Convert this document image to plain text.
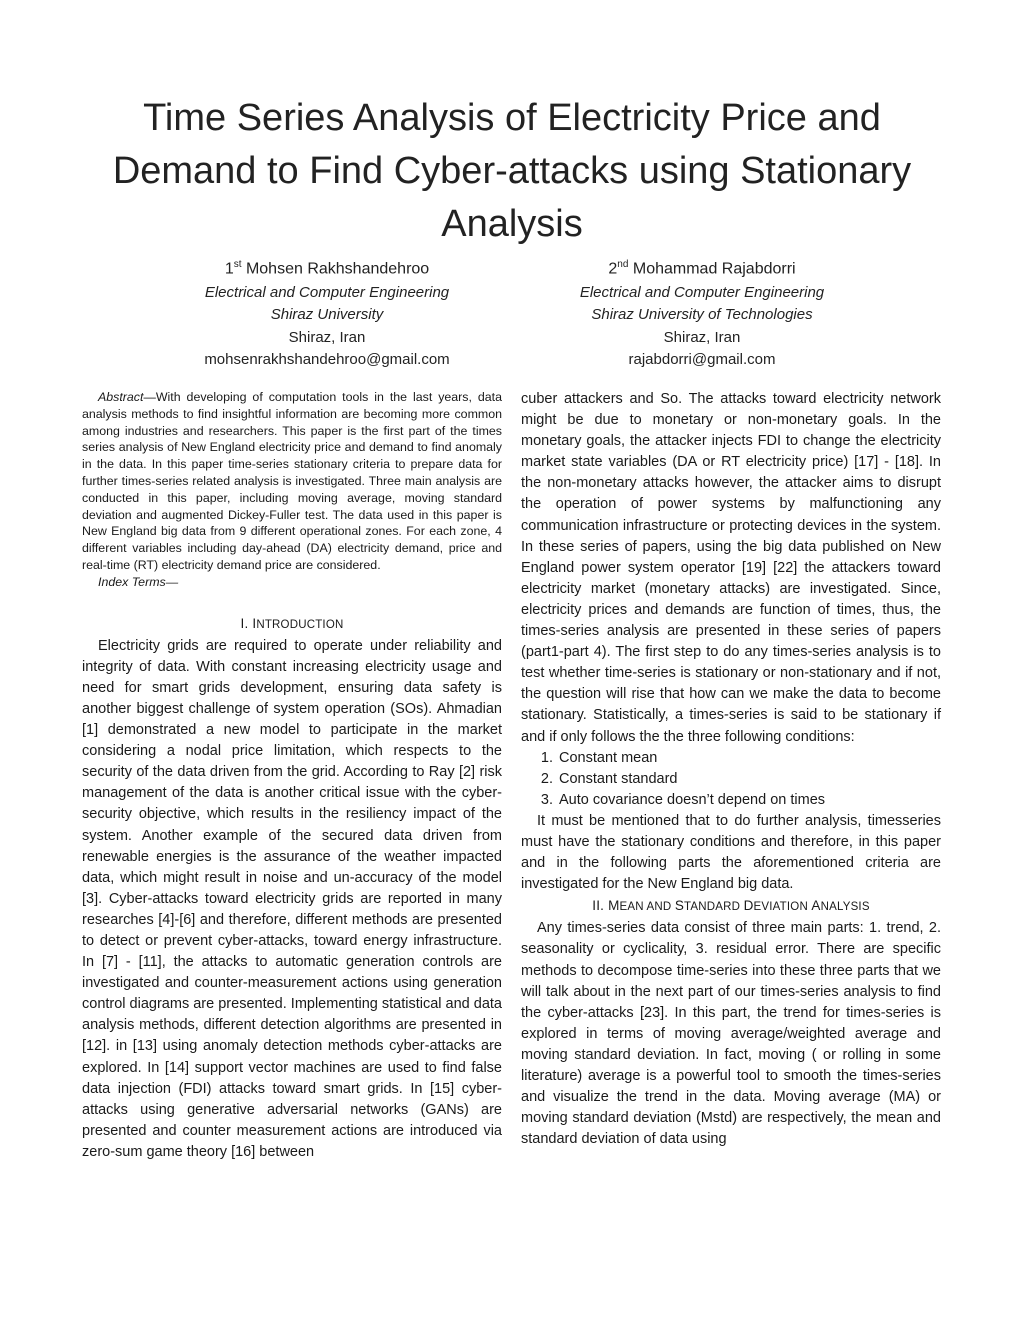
Time Series Analysis of Electricity Price and Demand to Find Cyber-attacks using Stationary Analysis
1st Mohsen Rakhshandehroo
Electrical and Computer Engineering
Shiraz University
Shiraz, Iran
mohsenrakhshandehroo@gmail.com
2nd Mohammad Rajabdorri
Electrical and Computer Engineering
Shiraz University of Technologies
Shiraz, Iran
rajabdorri@gmail.com

Abstract—With developing of computation tools in the last years, data analysis methods to find insightful information are becoming more common among industries and researchers. This paper is the first part of the times series analysis of New England electricity price and demand to find anomaly in the data. In this paper time-series stationary criteria to prepare data for further times-series related analysis is investigated. Three main analysis are conducted in this paper, including moving average, moving standard deviation and augmented Dickey-Fuller test. The data used in this paper is New England big data from 9 different operational zones. For each zone, 4 different variables including day-ahead (DA) electricity demand, price and real-time (RT) electricity demand price are considered.

Index Terms—

I. INTRODUCTION

Electricity grids are required to operate under reliability and integrity of data. With constant increasing electricity usage and need for smart grids development, ensuring data safety is another biggest challenge of system operation (SOs). Ahmadian [1] demonstrated a new model to participate in the market considering a nodal price limitation, which respects to the security of the data driven from the grid. According to Ray [2] risk management of the data is another critical issue with the cyber-security objective, which results in the resiliency impact of the system. Another example of the secured data driven from renewable energies is the assurance of the weather impacted data, which might result in noise and un-accuracy of the model [3]. Cyber-attacks toward electricity grids are reported in many researches [4]-[6] and therefore, different methods are presented to detect or prevent cyber-attacks, toward energy infrastructure. In [7] - [11], the attacks to automatic generation controls are investigated and counter-measurement actions using generation control diagrams are presented. Implementing statistical and data analysis methods, different detection algorithms are presented in [12]. in [13] using anomaly detection methods cyber-attacks are explored. In [14] support vector machines are used to find false data injection (FDI) attacks toward smart grids. In [15] cyber-attacks using generative adversarial networks (GANs) are presented and counter measurement actions are introduced via zero-sum game theory [16] between

cuber attackers and So. The attacks toward electricity network might be due to monetary or non-monetary goals. In the monetary goals, the attacker injects FDI to change the electricity market state variables (DA or RT electricity price) [17] - [18]. In the non-monetary attacks however, the attacker aims to disrupt the operation of power systems by malfunctioning any communication infrastructure or protecting devices in the system. In these series of papers, using the big data published on New England power system operator [19] [22] the attackers toward electricity market (monetary attacks) are investigated. Since, electricity prices and demands are function of times, thus, the times-series analysis are presented in these series of papers (part1-part 4). The first step to do any times-series analysis is to test whether time-series is stationary or non-stationary and if not, the question will rise that how can we make the data to become stationary. Statistically, a times-series is said to be stationary if and if only follows the the three following conditions:

1. Constant mean
2. Constant standard
3. Auto covariance doesn’t depend on times

It must be mentioned that to do further analysis, timesseries must have the stationary conditions and therefore, in this paper and in the following parts the aforementioned criteria are investigated for the New England big data.

II. MEAN AND STANDARD DEVIATION ANALYSIS

Any times-series data consist of three main parts: 1. trend, 2. seasonality or cyclicality, 3. residual error. There are specific methods to decompose time-series into these three parts that we will talk about in the next part of our times-series analysis to find the cyber-attacks [23]. In this part, the trend for times-series is explored in terms of moving average/weighted average and moving standard deviation. In fact, moving ( or rolling in some literature) average is a powerful tool to smooth the times-series and visualize the trend in the data. Moving average (MA) or moving standard deviation (Mstd) are respectively, the mean and standard deviation of data using
